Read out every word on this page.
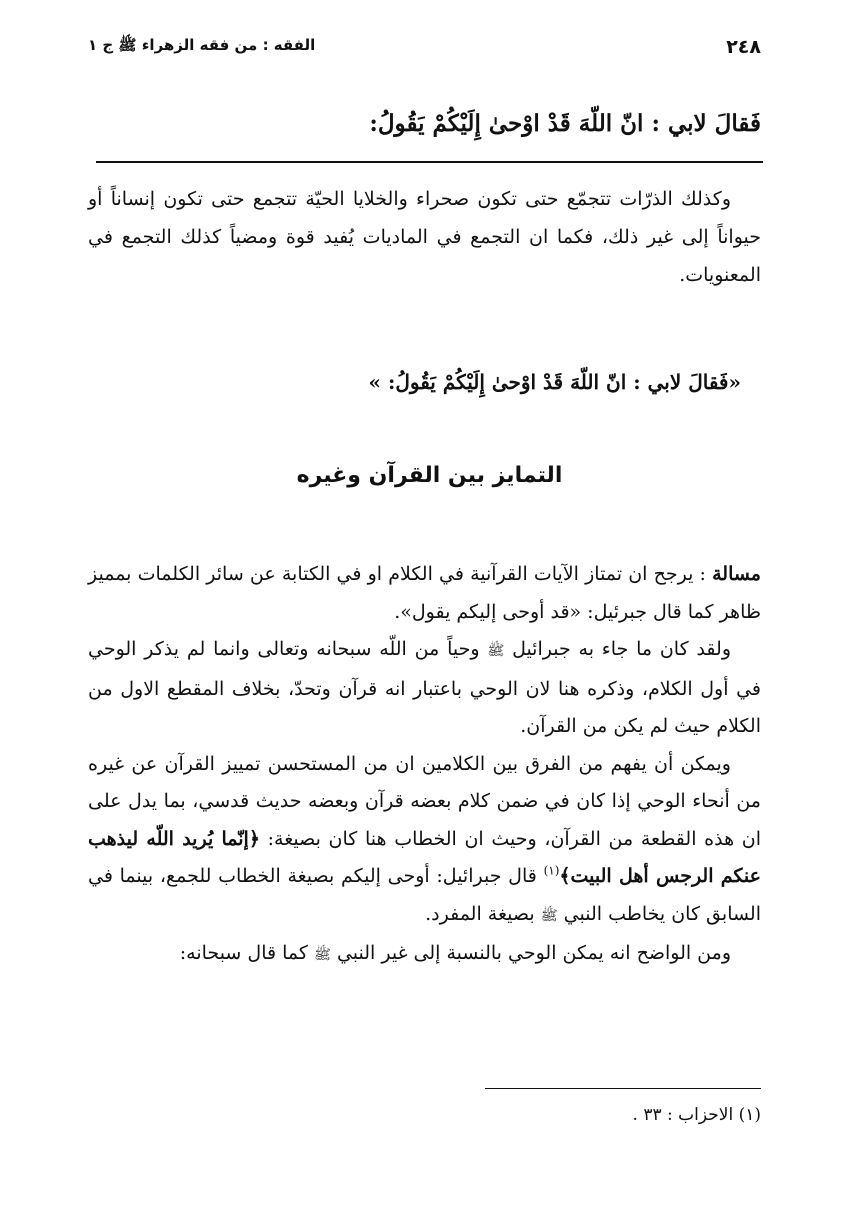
٢٤٨
الفقه : من فقه الزهراء ﷺ ج ١
فَقالَ لابي : انّ اللّهَ قَدْ اوْحىٰ إِلَيْكُمْ يَقُولُ:
وكذلك الذرّات تتجمّع حتى تكون صحراء والخلايا الحيّة تتجمع حتى تكون إنساناً أو حيواناً إلى غير ذلك، فكما ان التجمع في الماديات يُفيد قوة ومضياً كذلك التجمع في المعنويات.
«فَقالَ لابي : انّ اللّهَ قَدْ اوْحىٰ إِلَيْكُمْ يَقُولُ: »
التمايز بين القرآن وغيره

مسالة : يرجح ان تمتاز الآيات القرآنية في الكلام او في الكتابة عن سائر الكلمات بمميز ظاهر كما قال جبرئيل: «قد أوحى إليكم يقول».

ولقد كان ما جاء به جبرائيل ﷺ وحياً من اللّه سبحانه وتعالى وانما لم يذكر الوحي في أول الكلام، وذكره هنا لان الوحي باعتبار انه قرآن وتحدّ، بخلاف المقطع الاول من الكلام حيث لم يكن من القرآن.

ويمكن أن يفهم من الفرق بين الكلامين ان من المستحسن تمييز القرآن عن غيره من أنحاء الوحي إذا كان في ضمن كلام بعضه قرآن وبعضه حديث قدسي، بما يدل على ان هذه القطعة من القرآن، وحيث ان الخطاب هنا كان بصيغة: ﴿إنّما يُريد اللّه ليذهب عنكم الرجس أهل البيت﴾$^{(١)}$ قال جبرائيل: أوحى إليكم بصيغة الخطاب للجمع، بينما في السابق كان يخاطب النبي ﷺ بصيغة المفرد.

ومن الواضح انه يمكن الوحي بالنسبة إلى غير النبي ﷺ كما قال سبحانه:

(١) الاحزاب : ٣٣ .
